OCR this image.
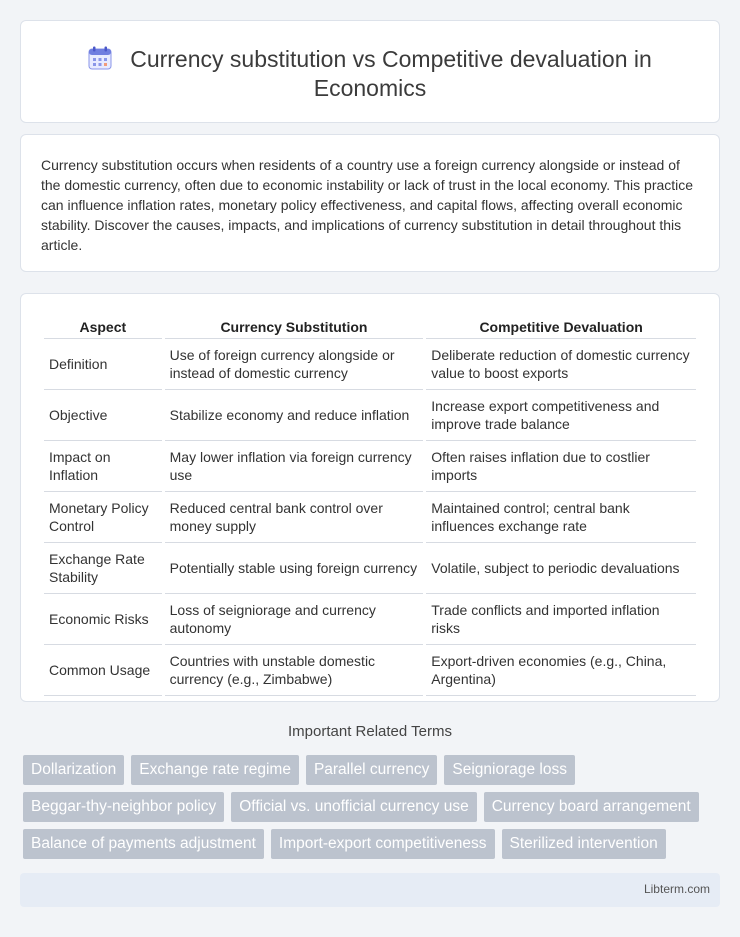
Currency substitution vs Competitive devaluation in
Economics

Currency substitution occurs when residents of a country use a foreign currency alongside or instead of the domestic currency, often due to economic instability or lack of trust in the local economy. This practice can influence inflation rates, monetary policy effectiveness, and capital flows, affecting overall economic stability. Discover the causes, impacts, and implications of currency substitution in detail throughout this article.

Aspect	Currency Substitution	Competitive Devaluation
Definition	Use of foreign currency alongside or instead of domestic currency	Deliberate reduction of domestic currency value to boost exports
Objective	Stabilize economy and reduce inflation	Increase export competitiveness and improve trade balance
Impact on Inflation	May lower inflation via foreign currency use	Often raises inflation due to costlier imports
Monetary Policy Control	Reduced central bank control over money supply	Maintained control; central bank influences exchange rate
Exchange Rate Stability	Potentially stable using foreign currency	Volatile, subject to periodic devaluations
Economic Risks	Loss of seigniorage and currency autonomy	Trade conflicts and imported inflation risks
Common Usage	Countries with unstable domestic currency (e.g., Zimbabwe)	Export-driven economies (e.g., China, Argentina)
Important Related Terms
Dollarization	Exchange rate regime	Parallel currency	Seigniorage loss
Beggar-thy-neighbor policy	Official vs. unofficial currency use	Currency board arrangement
Balance of payments adjustment	Import-export competitiveness	Sterilized intervention
Libterm.com
